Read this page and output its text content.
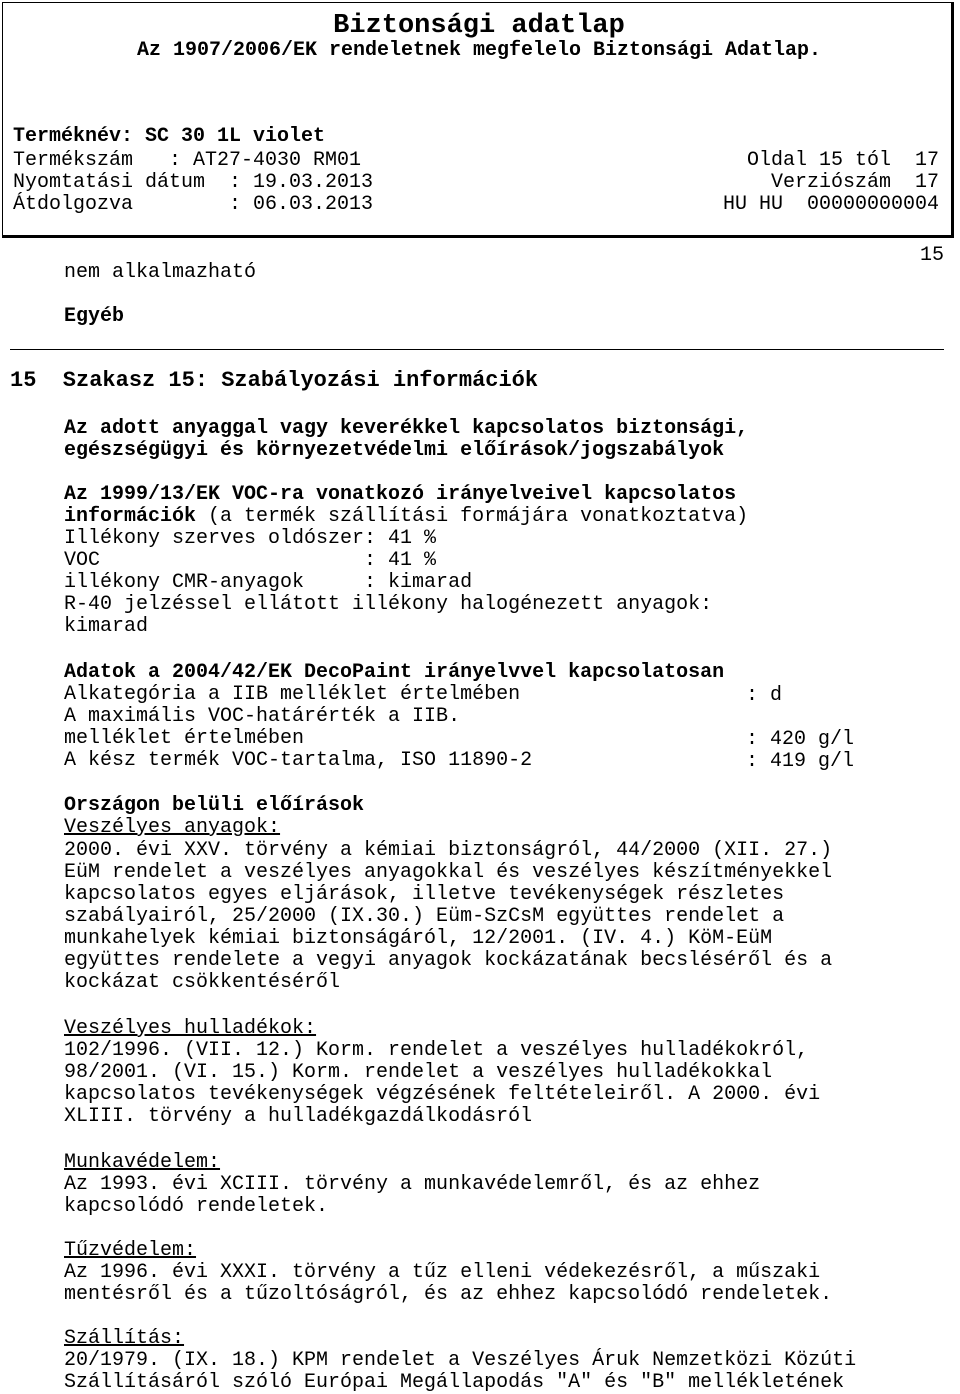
Biztonsági adatlap
Az 1907/2006/EK rendeletnek megfelelo Biztonsági Adatlap.
Terméknév: SC 30 1L violet
Termékszám   : AT27-4030 RM01
Nyomtatási dátum  : 19.03.2013
Átdolgozva        : 06.03.2013
Oldal 15 tól  17
Verziószám  17
HU HU  00000000004
15
nem alkalmazható
Egyéb
15  Szakasz 15: Szabályozási információk
Az adott anyaggal vagy keverékkel kapcsolatos biztonsági,
egészségügyi és környezetvédelmi előírások/jogszabályok
Az 1999/13/EK VOC-ra vonatkozó irányelveivel kapcsolatos
információk (a termék szállítási formájára vonatkoztatva)
Illékony szerves oldószer: 41 %
VOC                      : 41 %
illékony CMR-anyagok     : kimarad
R-40 jelzéssel ellátott illékony halogénezett anyagok:
kimarad
Adatok a 2004/42/EK DecoPaint irányelvvel kapcsolatosan
Alkategória a IIB melléklet értelmében	: d
A maximális VOC-határérték a IIB.
melléklet értelmében	: 420 g/l
A kész termék VOC-tartalma, ISO 11890-2	: 419 g/l
Országon belüli előírások
Veszélyes anyagok:
2000. évi XXV. törvény a kémiai biztonságról, 44/2000 (XII. 27.)
EüM rendelet a veszélyes anyagokkal és veszélyes készítményekkel
kapcsolatos egyes eljárások, illetve tevékenységek részletes
szabályairól, 25/2000 (IX.30.) Eüm-SzCsM együttes rendelet a
munkahelyek kémiai biztonságáról, 12/2001. (IV. 4.) KöM-EüM
együttes rendelete a vegyi anyagok kockázatának becsléséről és a
kockázat csökkentéséről
Veszélyes hulladékok:
102/1996. (VII. 12.) Korm. rendelet a veszélyes hulladékokról,
98/2001. (VI. 15.) Korm. rendelet a veszélyes hulladékokkal
kapcsolatos tevékenységek végzésének feltételeiről. A 2000. évi
XLIII. törvény a hulladékgazdálkodásról
Munkavédelem:
Az 1993. évi XCIII. törvény a munkavédelemről, és az ehhez
kapcsolódó rendeletek.
Tűzvédelem:
Az 1996. évi XXXI. törvény a tűz elleni védekezésről, a műszaki
mentésről és a tűzoltóságról, és az ehhez kapcsolódó rendeletek.
Szállítás:
20/1979. (IX. 18.) KPM rendelet a Veszélyes Áruk Nemzetközi Közúti
Szállításáról szóló Európai Megállapodás "A" és "B" mellékletének
